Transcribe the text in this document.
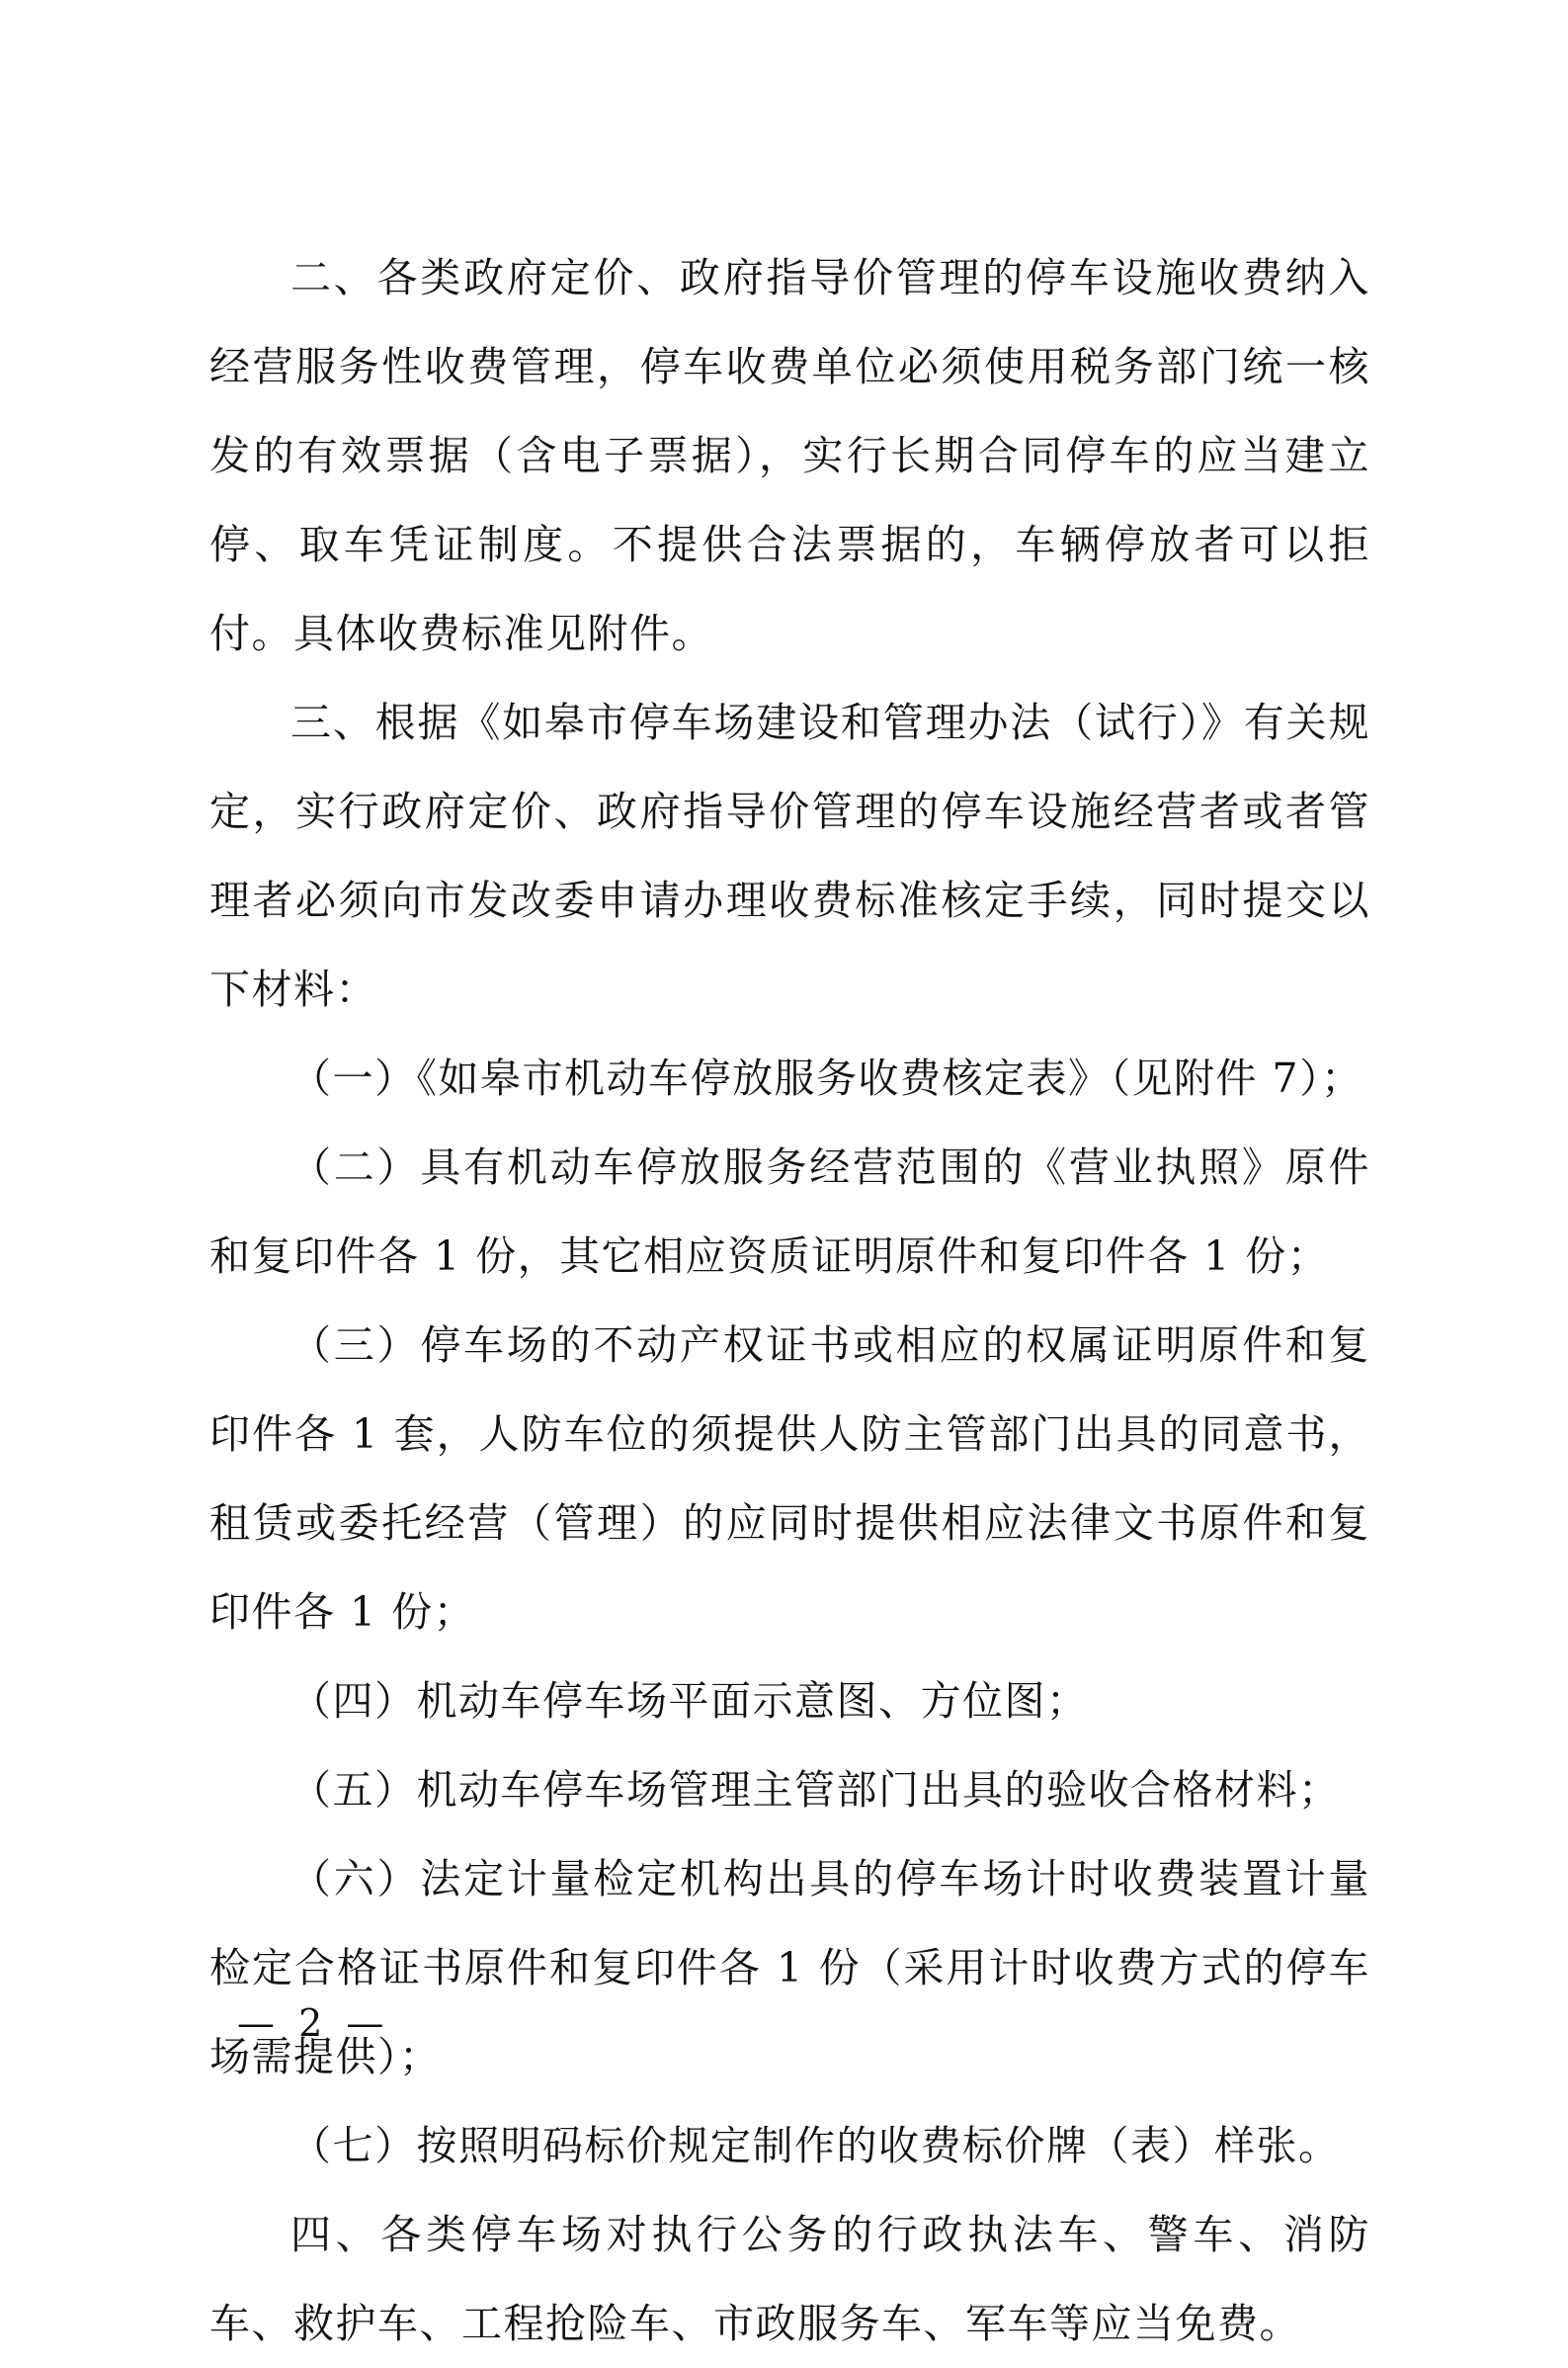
二、各类政府定价、政府指导价管理的停车设施收费纳入经营服务性收费管理，停车收费单位必须使用税务部门统一核发的有效票据（含电子票据），实行长期合同停车的应当建立停、取车凭证制度。不提供合法票据的，车辆停放者可以拒付。具体收费标准见附件。

三、根据《如皋市停车场建设和管理办法（试行）》有关规定，实行政府定价、政府指导价管理的停车设施经营者或者管理者必须向市发改委申请办理收费标准核定手续，同时提交以下材料：

（一）《如皋市机动车停放服务收费核定表》（见附件 7）；

（二）具有机动车停放服务经营范围的《营业执照》原件和复印件各 1 份，其它相应资质证明原件和复印件各 1 份；

（三）停车场的不动产权证书或相应的权属证明原件和复印件各 1 套，人防车位的须提供人防主管部门出具的同意书，租赁或委托经营（管理）的应同时提供相应法律文书原件和复印件各 1 份；

（四）机动车停车场平面示意图、方位图；

（五）机动车停车场管理主管部门出具的验收合格材料；

（六）法定计量检定机构出具的停车场计时收费装置计量检定合格证书原件和复印件各 1 份（采用计时收费方式的停车场需提供）；

（七）按照明码标价规定制作的收费标价牌（表）样张。

四、各类停车场对执行公务的行政执法车、警车、消防车、救护车、工程抢险车、市政服务车、军车等应当免费。

— 2 —
